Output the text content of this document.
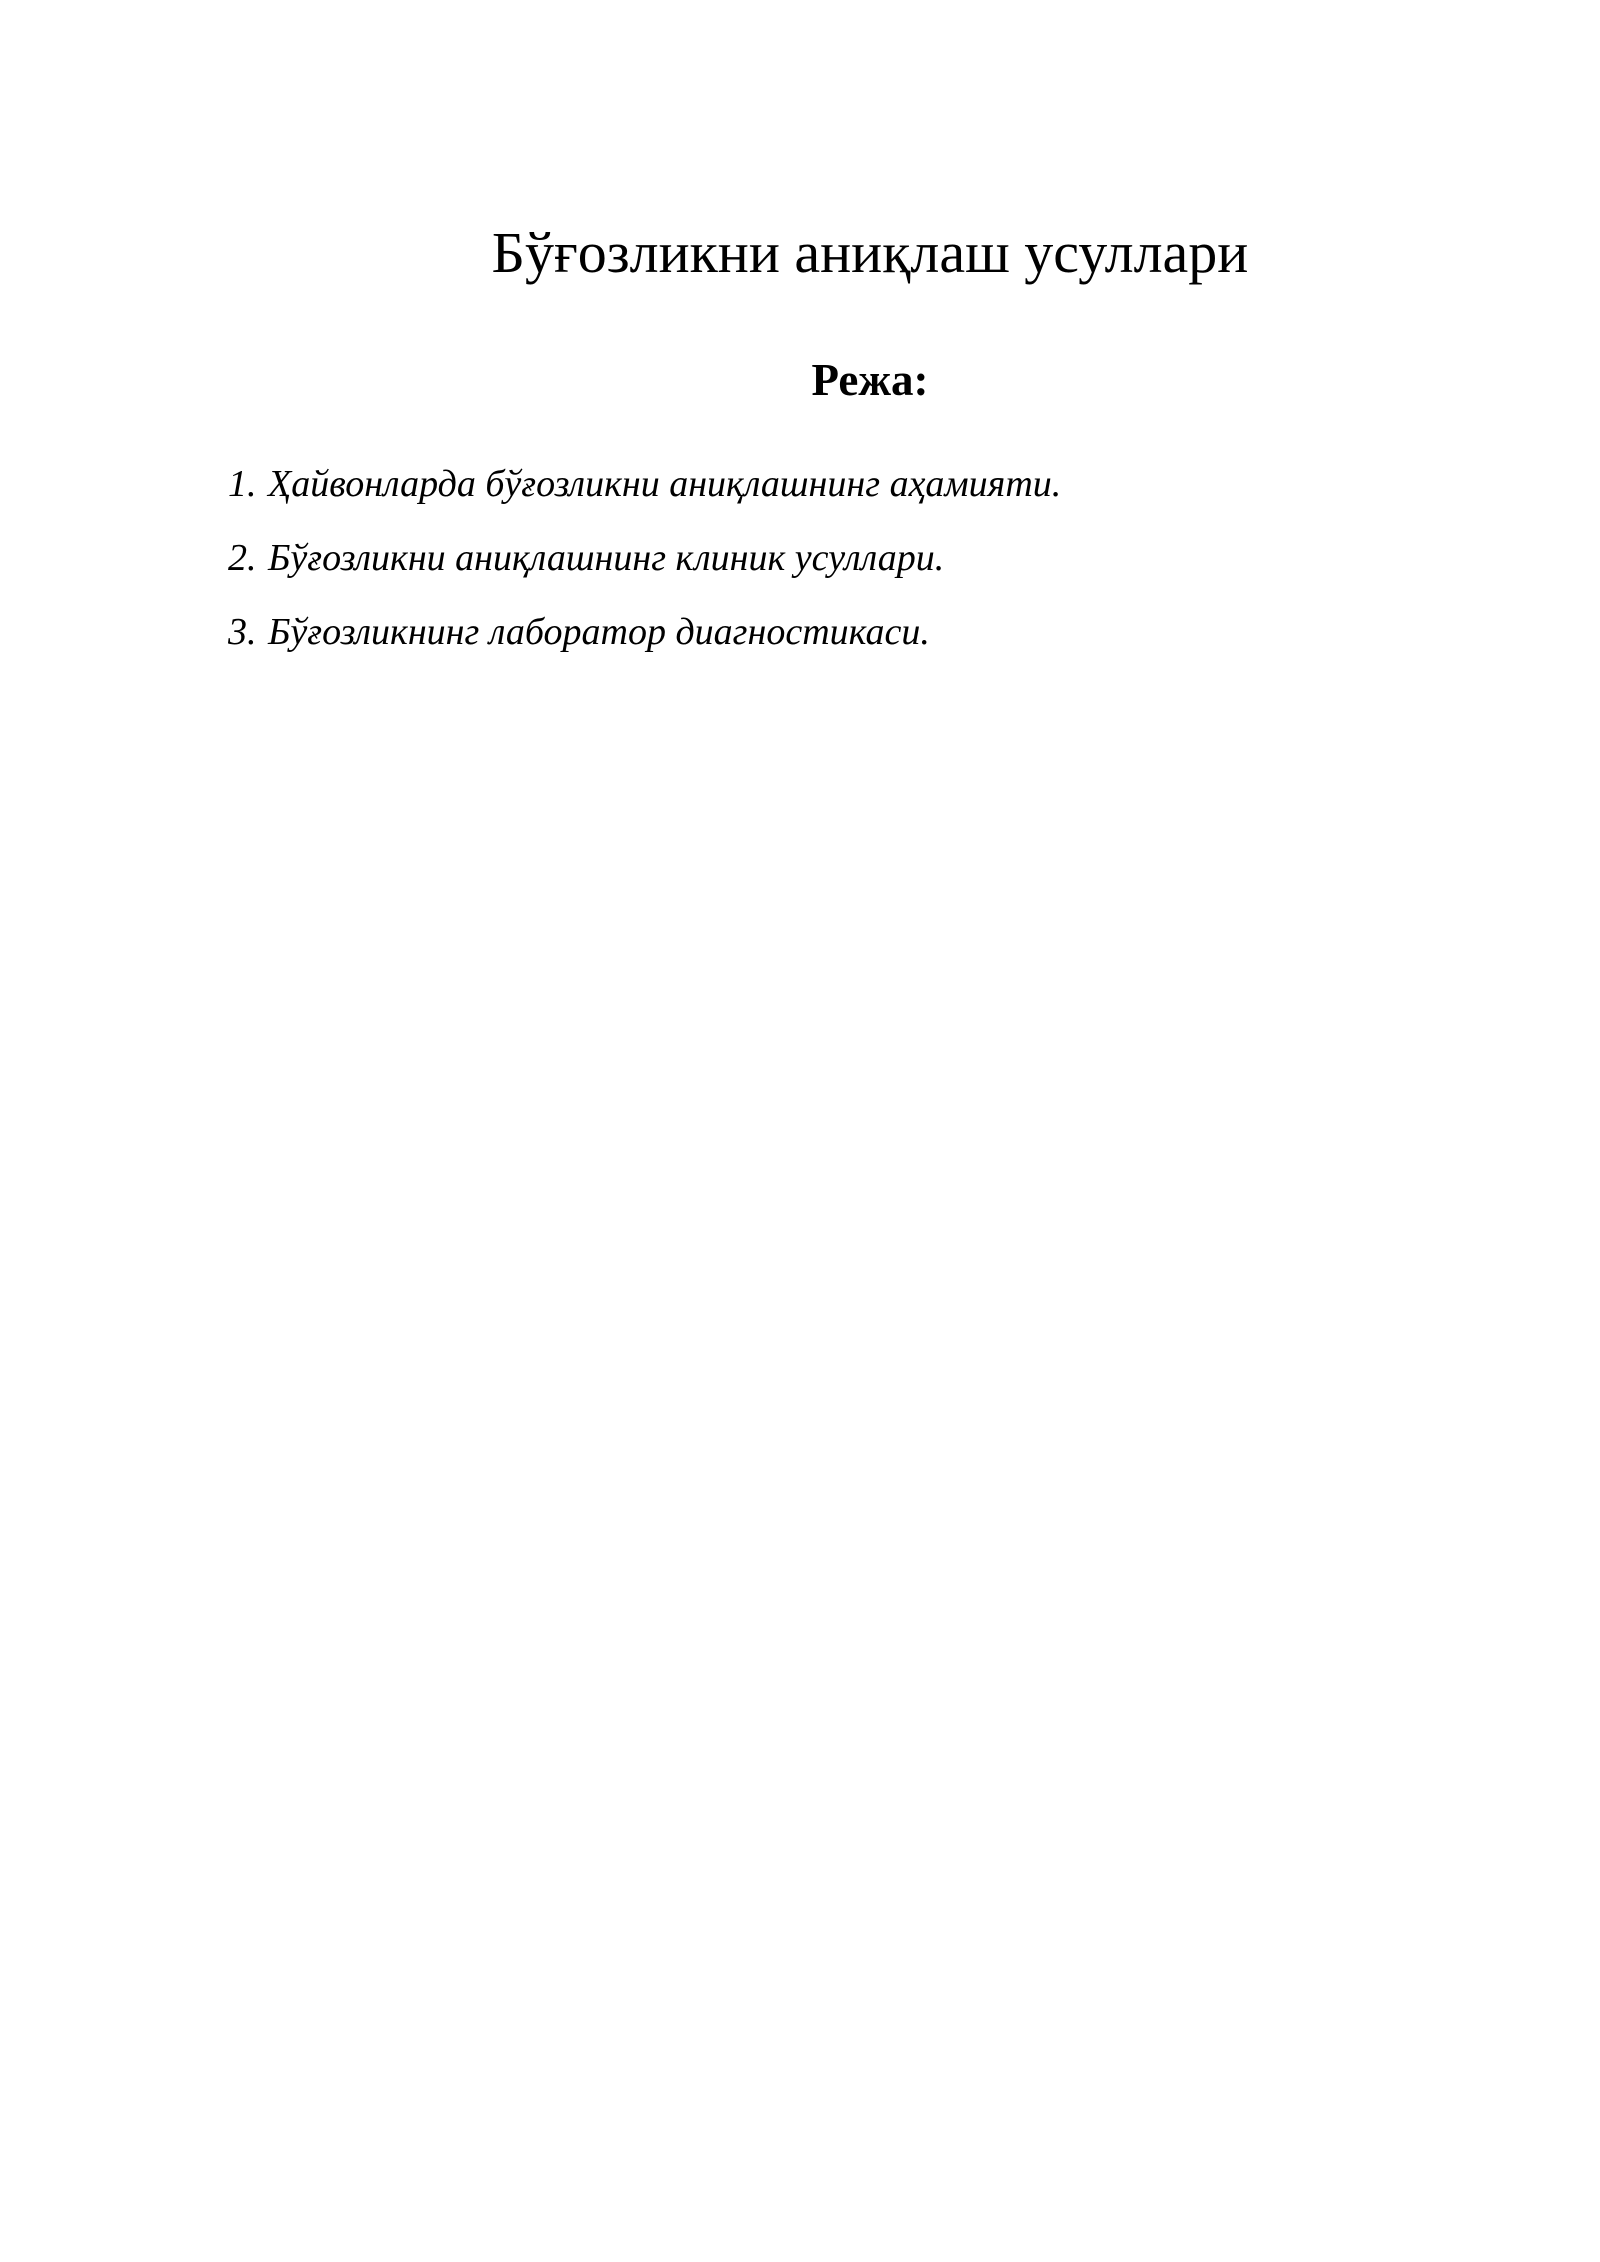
Бўғозликни аниқлаш усуллари
Режа:
1. Ҳайвонларда бўғозликни аниқлашнинг аҳамияти.
2. Бўғозликни аниқлашнинг клиник усуллари.
3. Бўғозликнинг лаборатор диагностикаси.
